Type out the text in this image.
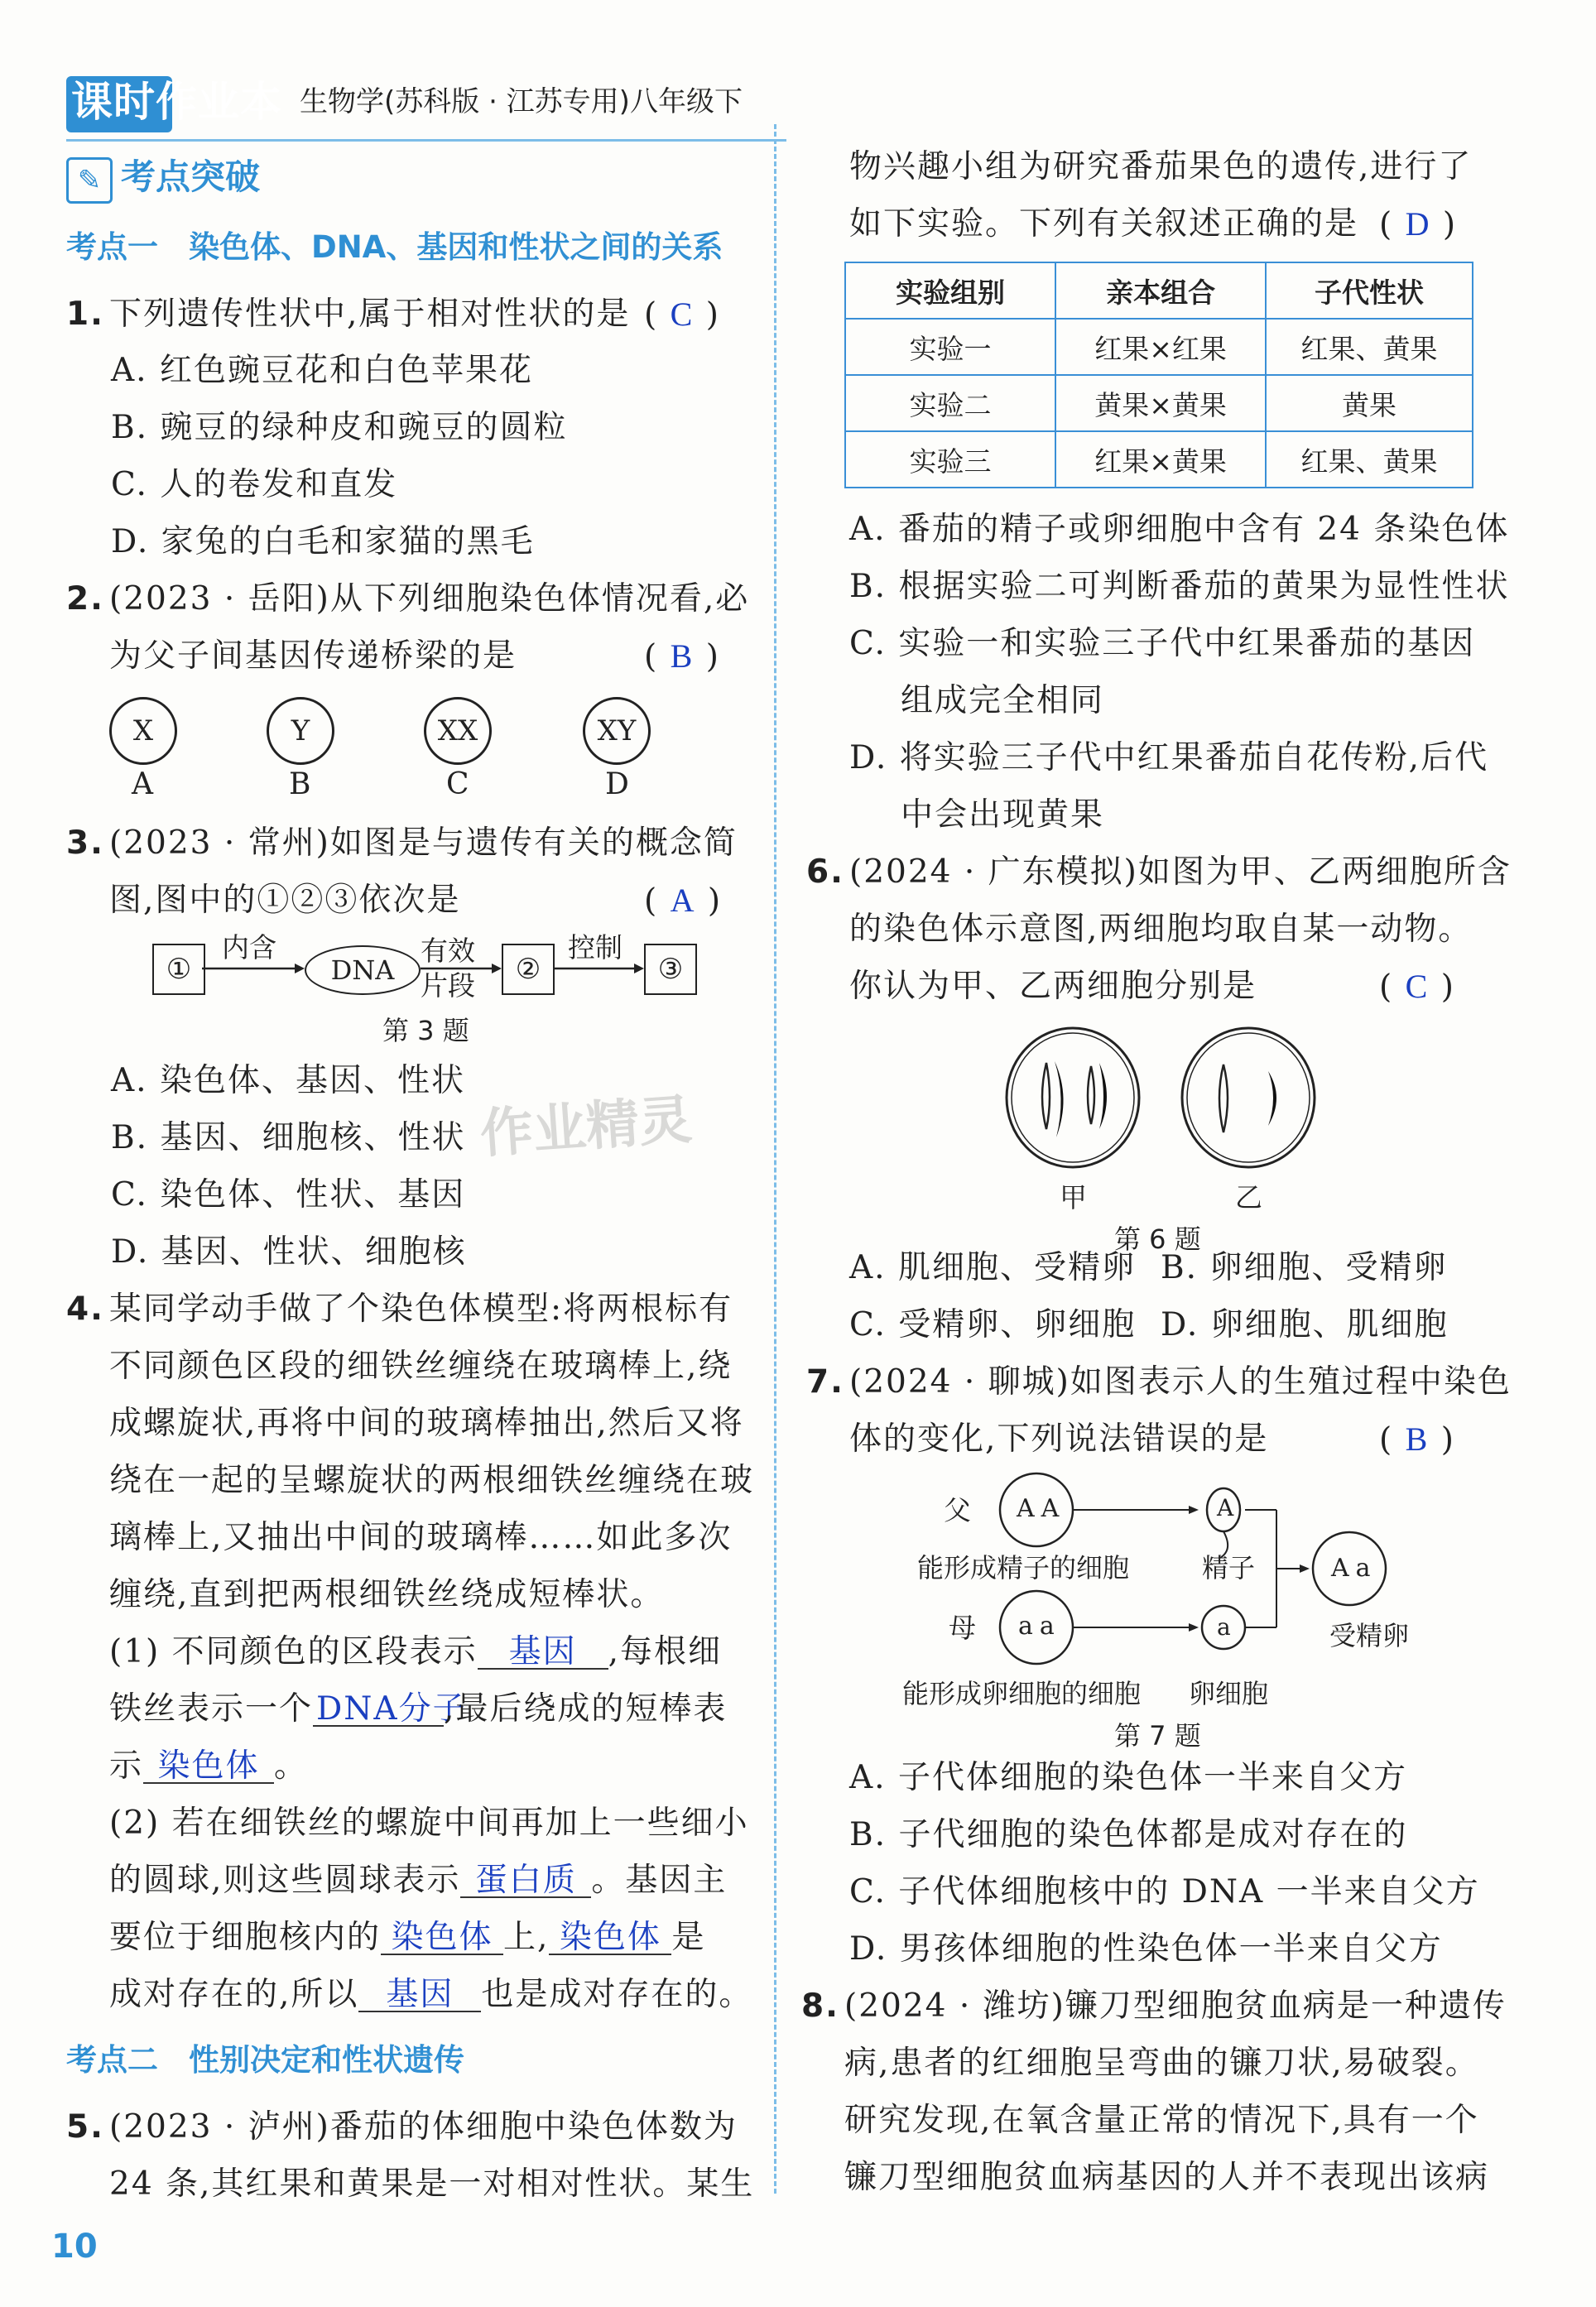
课时作业本 生物学(苏科版 · 江苏专用)八年级下
✎ 考点突破
考点一　染色体、DNA、基因和性状之间的关系
1. 下列遗传性状中,属于相对性状的是 ( C )
A. 红色豌豆花和白色苹果花
B. 豌豆的绿种皮和豌豆的圆粒
C. 人的卷发和直发
D. 家兔的白毛和家猫的黑毛
2. (2023 · 岳阳)从下列细胞染色体情况看,必
为父子间基因传递桥梁的是	( B )
X	Y	XX	XY
A	B	C	D
3. (2023 · 常州)如图是与遗传有关的概念简
图,图中的①②③依次是	( A )
①
内含
DNA
有效
片段	②
控制
③
第 3 题
A. 染色体、基因、性状
B. 基因、细胞核、性状
C. 染色体、性状、基因
D. 基因、性状、细胞核
作业精灵
4. 某同学动手做了个染色体模型:将两根标有
不同颜色区段的细铁丝缠绕在玻璃棒上,绕
成螺旋状,再将中间的玻璃棒抽出,然后又将
绕在一起的呈螺旋状的两根细铁丝缠绕在玻
璃棒上,又抽出中间的玻璃棒……如此多次
缠绕,直到把两根细铁丝绕成短棒状。
(1) 不同颜色的区段表示 基因 ,每根细
铁丝表示一个 DNA分子,最后绕成的短棒表
示 染色体 。
(2) 若在细铁丝的螺旋中间再加上一些细小
的圆球,则这些圆球表示 蛋白质 。基因主
要位于细胞核内的 染色体 上, 染色体 是
成对存在的,所以 基因 也是成对存在的。
考点二　性别决定和性状遗传
5. (2023 · 泸州)番茄的体细胞中染色体数为
24 条,其红果和黄果是一对相对性状。某生
10
物兴趣小组为研究番茄果色的遗传,进行了
如下实验。下列有关叙述正确的是 ( D )
实验组别	亲本组合	子代性状
实验一	红果×红果	红果、黄果
实验二	黄果×黄果	黄果
实验三	红果×黄果	红果、黄果
A. 番茄的精子或卵细胞中含有 24 条染色体
B. 根据实验二可判断番茄的黄果为显性性状
C. 实验一和实验三子代中红果番茄的基因
组成完全相同
D. 将实验三子代中红果番茄自花传粉,后代
中会出现黄果
6. (2024 · 广东模拟)如图为甲、乙两细胞所含
的染色体示意图,两细胞均取自某一动物。
你认为甲、乙两细胞分别是	( C )
甲	乙
第 6 题
A. 肌细胞、受精卵 B. 卵细胞、受精卵
C. 受精卵、卵细胞 D. 卵细胞、肌细胞
7. (2024 · 聊城)如图表示人的生殖过程中染色
体的变化,下列说法错误的是	( B )
父 AA	A
能形成精子的细胞	精子	Aa
母 aa	a	受精卵
能形成卵细胞的细胞 卵细胞
第 7 题
A. 子代体细胞的染色体一半来自父方
B. 子代细胞的染色体都是成对存在的
C. 子代体细胞核中的 DNA 一半来自父方
D. 男孩体细胞的性染色体一半来自父方
8. (2024 · 潍坊)镰刀型细胞贫血病是一种遗传
病,患者的红细胞呈弯曲的镰刀状,易破裂。
研究发现,在氧含量正常的情况下,具有一个
镰刀型细胞贫血病基因的人并不表现出该病
